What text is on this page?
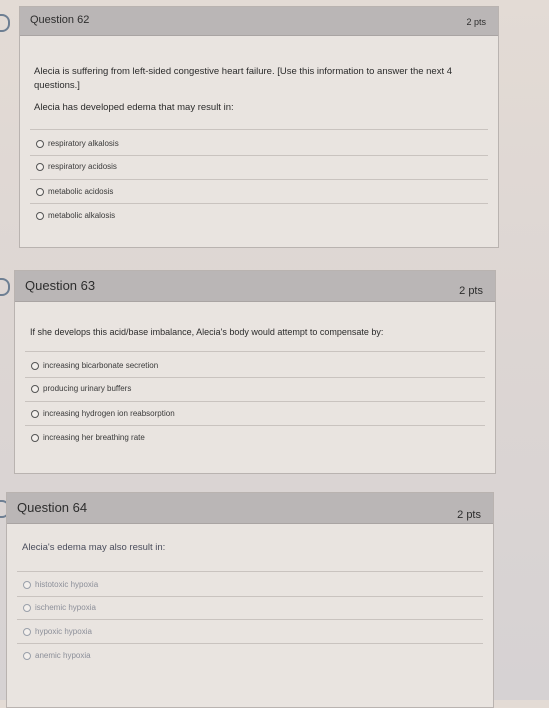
Question 62	2 pts
Alecia is suffering from left-sided congestive heart failure. [Use this information to answer the next 4 questions.]
Alecia has developed edema that may result in:
respiratory alkalosis
respiratory acidosis
metabolic acidosis
metabolic alkalosis
Question 63	2 pts
If she develops this acid/base imbalance, Alecia's body would attempt to compensate by:
increasing bicarbonate secretion
producing urinary buffers
increasing hydrogen ion reabsorption
increasing her breathing rate
Question 64	2 pts
Alecia's edema may also result in:
histotoxic hypoxia
ischemic hypoxia
hypoxic hypoxia
anemic hypoxia
